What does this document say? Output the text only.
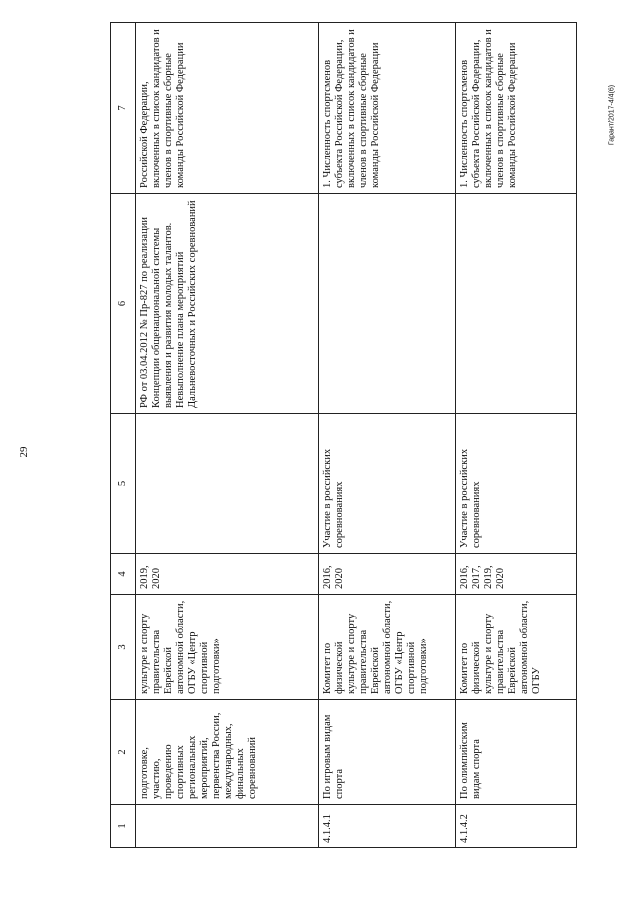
29
Гарант/2017-4/4(6)
1	2	3	4	5	6	7
	подготовке, участию, проведению спортивных региональных мероприятий, первенства России, международных, финальных соревнований	культуре и спорту правительства Еврейской автономной области, ОГБУ «Центр спортивной подготовки»	2019, 2020		РФ от 03.04.2012 № Пр-827 по реализации Концепции общенациональной системы выявления и развития молодых талантов. Невыполнение плана мероприятий Дальневосточных и Российских соревнований	Российской Федерации, включенных в список кандидатов и членов в спортивные сборные команды Российской Федерации
4.1.4.1	По игровым видам спорта	Комитет по физической культуре и спорту правительства Еврейской автономной области, ОГБУ «Центр спортивной подготовки»	2016, 2020	Участие в российских соревнованиях		1. Численность спортсменов субъекта Российской Федерации, включенных в список кандидатов и членов в спортивные сборные команды Российской Федерации
4.1.4.2	По олимпийским видам спорта	Комитет по физической культуре и спорту правительства Еврейской автономной области, ОГБУ	2016, 2017, 2019, 2020	Участие в российских соревнованиях		1. Численность спортсменов субъекта Российской Федерации, включенных в список кандидатов и членов в спортивные сборные команды Российской Федерации
